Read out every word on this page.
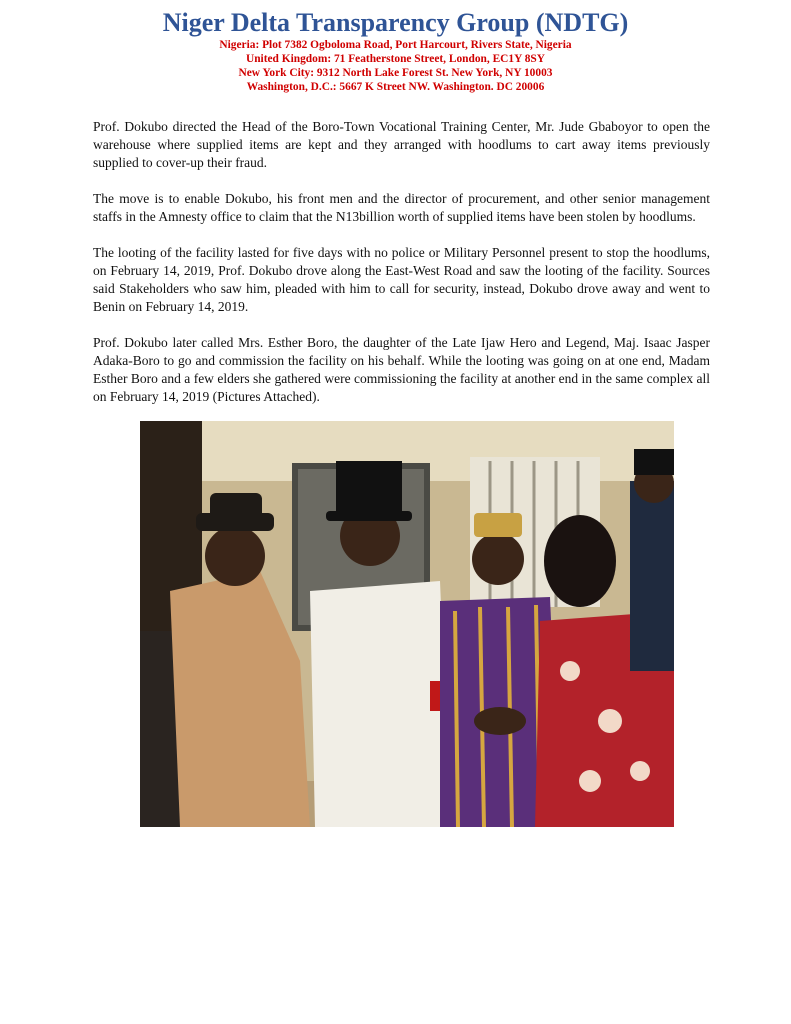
Niger Delta Transparency Group (NDTG)

Nigeria: Plot 7382 Ogboloma Road, Port Harcourt, Rivers State, Nigeria

United Kingdom: 71 Featherstone Street, London, EC1Y 8SY

New York City: 9312 North Lake Forest St. New York, NY 10003

Washington, D.C.: 5667 K Street NW. Washington. DC 20006

Prof. Dokubo directed the Head of the Boro-Town Vocational Training Center, Mr. Jude Gbaboyor to open the warehouse where supplied items are kept and they arranged with hoodlums to cart away items previously supplied to cover-up their fraud.

The move is to enable Dokubo, his front men and the director of procurement, and other senior management staffs in the Amnesty office to claim that the N13billion worth of supplied items have been stolen by hoodlums.

The looting of the facility lasted for five days with no police or Military Personnel present to stop the hoodlums, on February 14, 2019, Prof. Dokubo drove along the East-West Road and saw the looting of the facility. Sources said Stakeholders who saw him, pleaded with him to call for security, instead, Dokubo drove away and went to Benin on February 14, 2019.

Prof. Dokubo later called Mrs. Esther Boro, the daughter of the Late Ijaw Hero and Legend, Maj. Isaac Jasper Adaka-Boro to go and commission the facility on his behalf. While the looting was going on at one end, Madam Esther Boro and a few elders she gathered were commissioning the facility at another end in the same complex all on February 14, 2019 (Pictures Attached).
